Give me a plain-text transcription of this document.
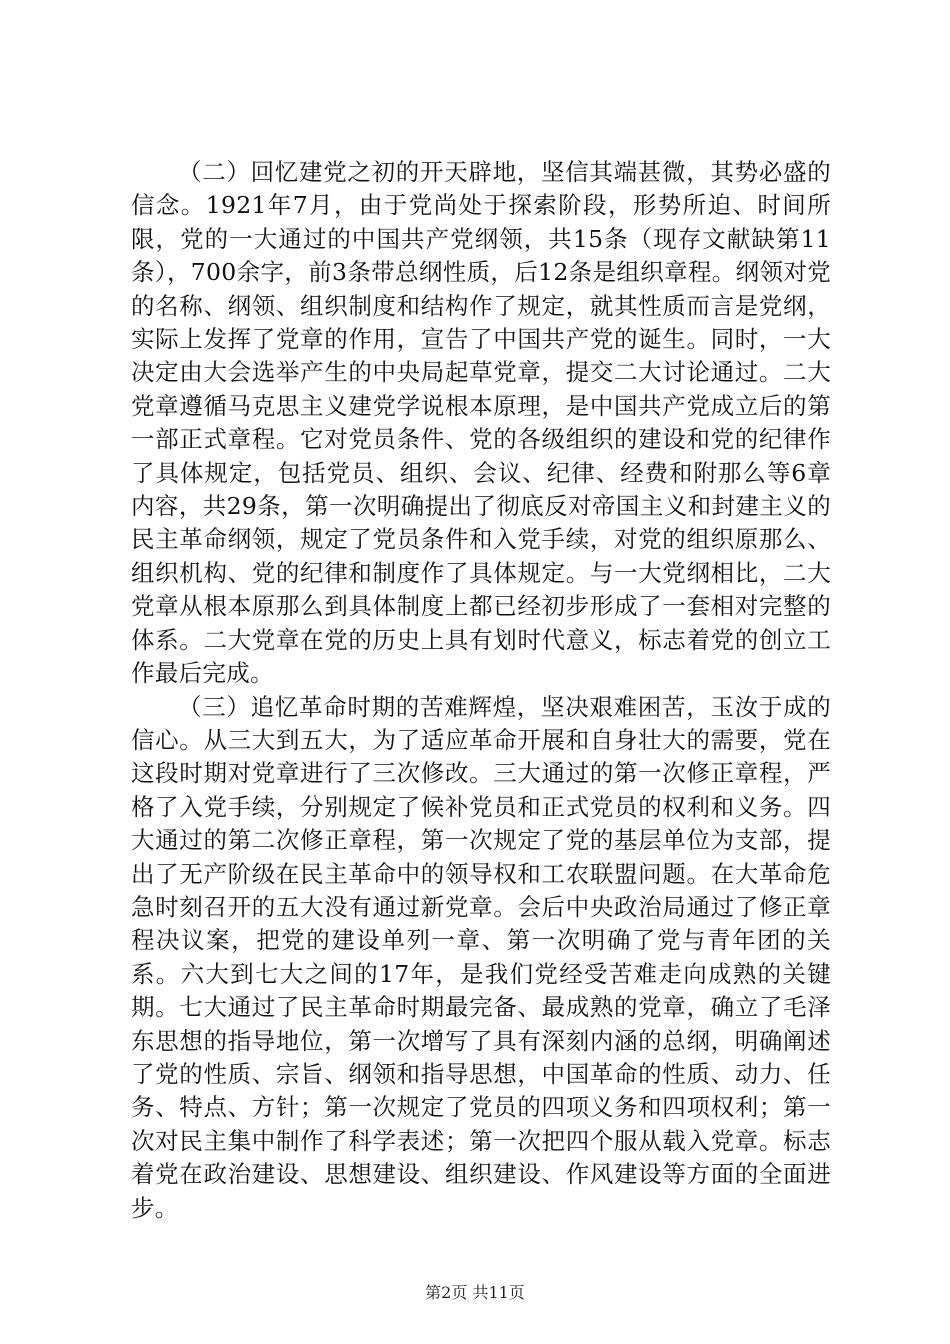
（二）回忆建党之初的开天辟地，坚信其端甚微，其势必盛的信念。1921年7月，由于党尚处于探索阶段，形势所迫、时间所限，党的一大通过的中国共产党纲领，共15条（现存文献缺第11条），700余字，前3条带总纲性质，后12条是组织章程。纲领对党的名称、纲领、组织制度和结构作了规定，就其性质而言是党纲，实际上发挥了党章的作用，宣告了中国共产党的诞生。同时，一大决定由大会选举产生的中央局起草党章，提交二大讨论通过。二大党章遵循马克思主义建党学说根本原理，是中国共产党成立后的第一部正式章程。它对党员条件、党的各级组织的建设和党的纪律作了具体规定，包括党员、组织、会议、纪律、经费和附那么等6章内容，共29条，第一次明确提出了彻底反对帝国主义和封建主义的民主革命纲领，规定了党员条件和入党手续，对党的组织原那么、组织机构、党的纪律和制度作了具体规定。与一大党纲相比，二大党章从根本原那么到具体制度上都已经初步形成了一套相对完整的体系。二大党章在党的历史上具有划时代意义，标志着党的创立工作最后完成。

（三）追忆革命时期的苦难辉煌，坚决艰难困苦，玉汝于成的信心。从三大到五大，为了适应革命开展和自身壮大的需要，党在这段时期对党章进行了三次修改。三大通过的第一次修正章程，严格了入党手续，分别规定了候补党员和正式党员的权利和义务。四大通过的第二次修正章程，第一次规定了党的基层单位为支部，提出了无产阶级在民主革命中的领导权和工农联盟问题。在大革命危急时刻召开的五大没有通过新党章。会后中央政治局通过了修正章程决议案，把党的建设单列一章、第一次明确了党与青年团的关系。六大到七大之间的17年，是我们党经受苦难走向成熟的关键期。七大通过了民主革命时期最完备、最成熟的党章，确立了毛泽东思想的指导地位，第一次增写了具有深刻内涵的总纲，明确阐述了党的性质、宗旨、纲领和指导思想，中国革命的性质、动力、任务、特点、方针；第一次规定了党员的四项义务和四项权利；第一次对民主集中制作了科学表述；第一次把四个服从载入党章。标志着党在政治建设、思想建设、组织建设、作风建设等方面的全面进步。

第2页 共11页
